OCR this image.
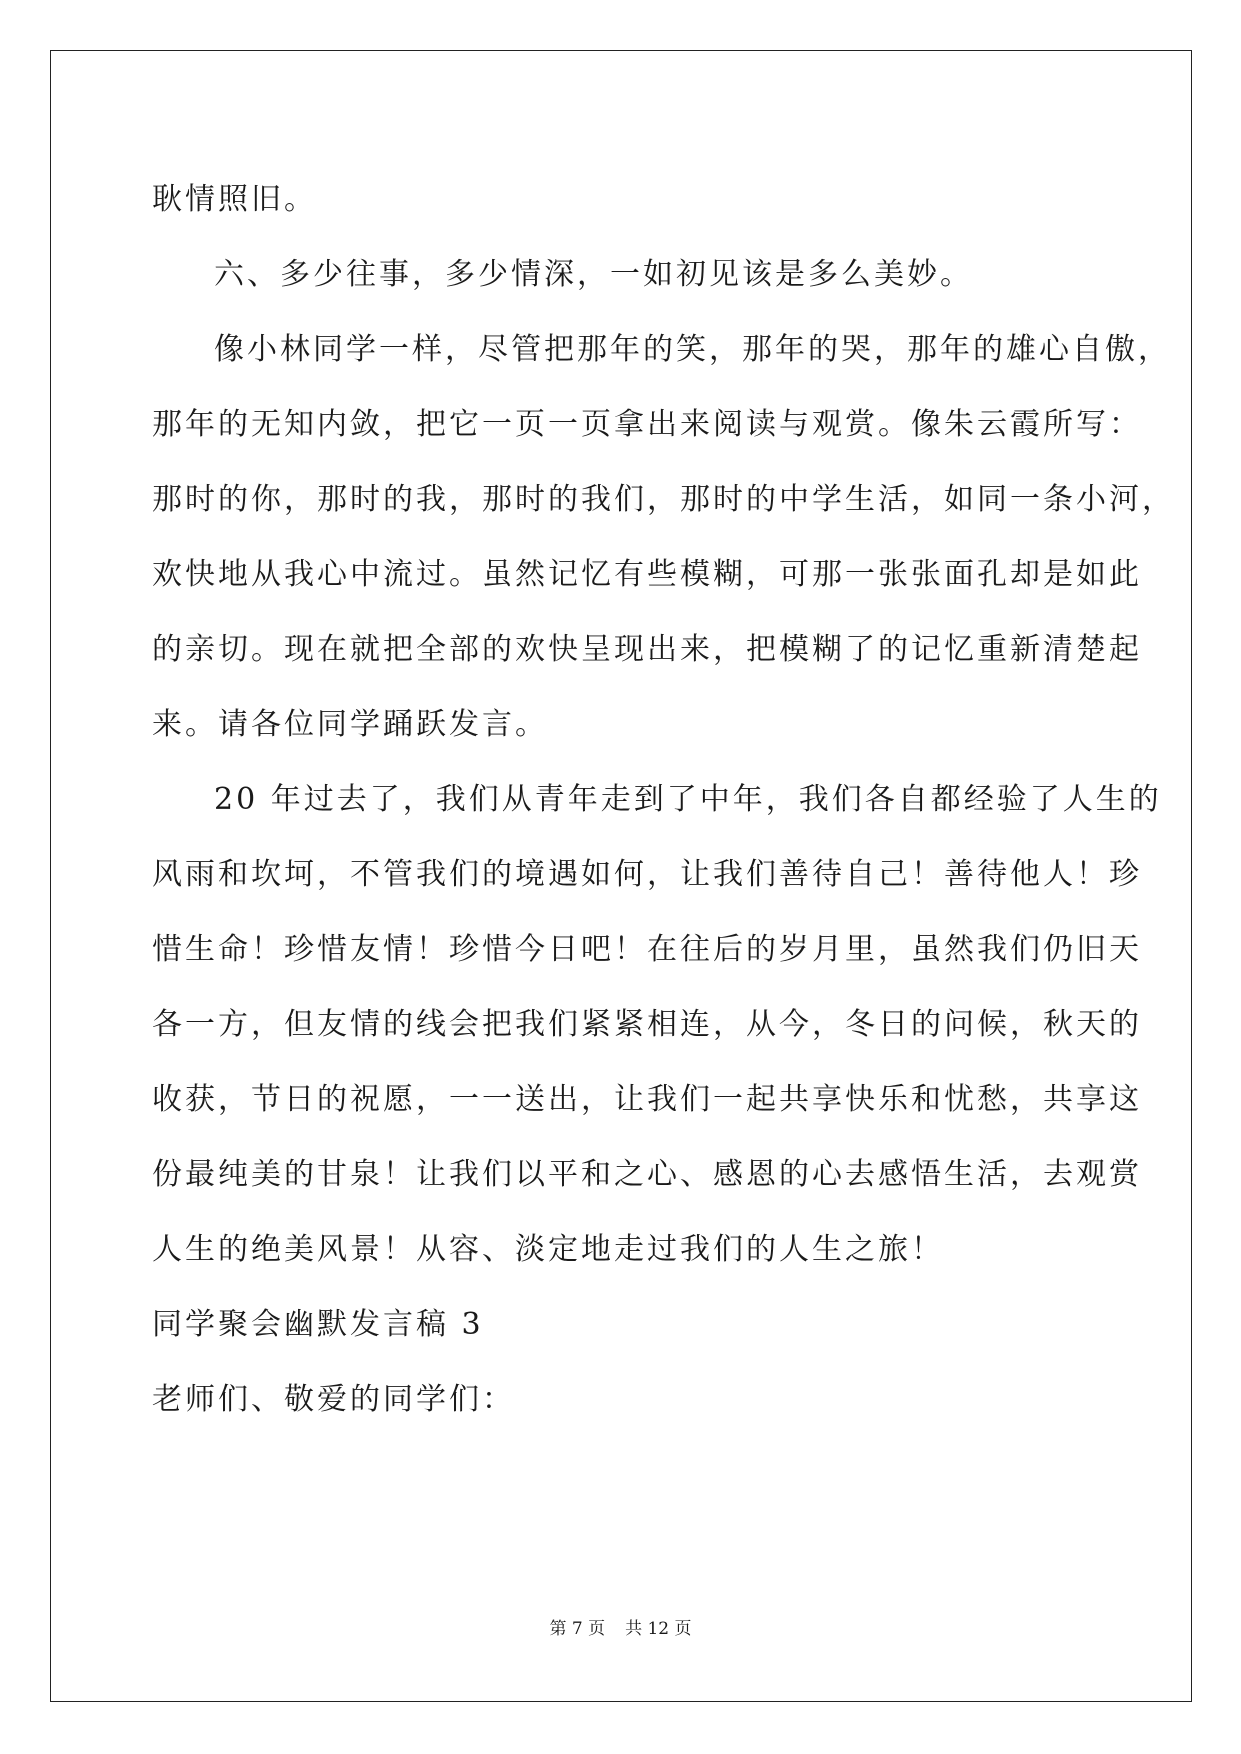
耿情照旧。
六、多少往事，多少情深，一如初见该是多么美妙。
像小林同学一样，尽管把那年的笑，那年的哭，那年的雄心自傲，
那年的无知内敛，把它一页一页拿出来阅读与观赏。像朱云霞所写：
那时的你，那时的我，那时的我们，那时的中学生活，如同一条小河，
欢快地从我心中流过。虽然记忆有些模糊，可那一张张面孔却是如此
的亲切。现在就把全部的欢快呈现出来，把模糊了的记忆重新清楚起
来。请各位同学踊跃发言。
20 年过去了，我们从青年走到了中年，我们各自都经验了人生的
风雨和坎坷，不管我们的境遇如何，让我们善待自己！善待他人！珍
惜生命！珍惜友情！珍惜今日吧！在往后的岁月里，虽然我们仍旧天
各一方，但友情的线会把我们紧紧相连，从今，冬日的问候，秋天的
收获，节日的祝愿，一一送出，让我们一起共享快乐和忧愁，共享这
份最纯美的甘泉！让我们以平和之心、感恩的心去感悟生活，去观赏
人生的绝美风景！从容、淡定地走过我们的人生之旅！
同学聚会幽默发言稿 3
老师们、敬爱的同学们：
第 7 页 共 12 页
